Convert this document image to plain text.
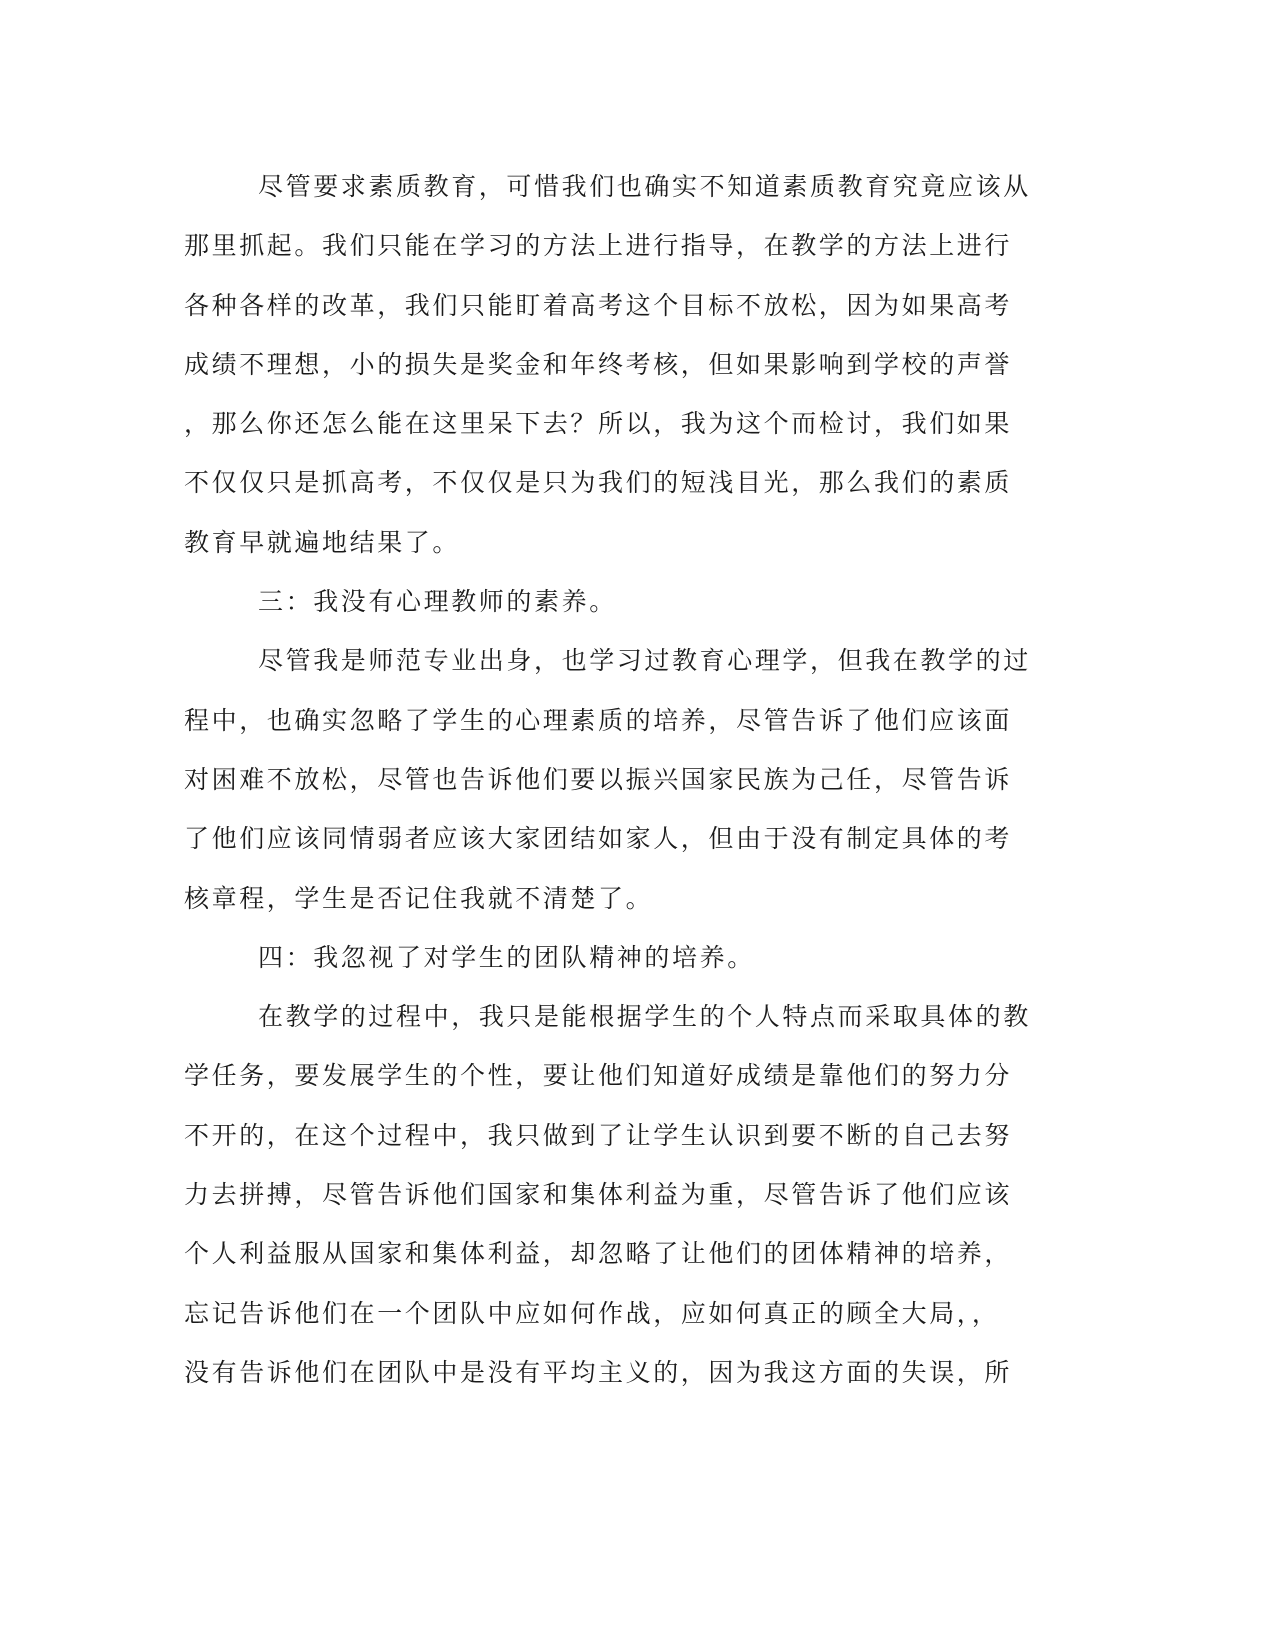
尽管要求素质教育，可惜我们也确实不知道素质教育究竟应该从
那里抓起。我们只能在学习的方法上进行指导，在教学的方法上进行
各种各样的改革，我们只能盯着高考这个目标不放松，因为如果高考
成绩不理想，小的损失是奖金和年终考核，但如果影响到学校的声誉
，那么你还怎么能在这里呆下去？所以，我为这个而检讨，我们如果
不仅仅只是抓高考，不仅仅是只为我们的短浅目光，那么我们的素质
教育早就遍地结果了。
三：我没有心理教师的素养。
尽管我是师范专业出身，也学习过教育心理学，但我在教学的过
程中，也确实忽略了学生的心理素质的培养，尽管告诉了他们应该面
对困难不放松，尽管也告诉他们要以振兴国家民族为己任，尽管告诉
了他们应该同情弱者应该大家团结如家人，但由于没有制定具体的考
核章程，学生是否记住我就不清楚了。
四：我忽视了对学生的团队精神的培养。
在教学的过程中，我只是能根据学生的个人特点而采取具体的教
学任务，要发展学生的个性，要让他们知道好成绩是靠他们的努力分
不开的，在这个过程中，我只做到了让学生认识到要不断的自己去努
力去拼搏，尽管告诉他们国家和集体利益为重，尽管告诉了他们应该
个人利益服从国家和集体利益，却忽略了让他们的团体精神的培养，
忘记告诉他们在一个团队中应如何作战，应如何真正的顾全大局，，
没有告诉他们在团队中是没有平均主义的，因为我这方面的失误，所
